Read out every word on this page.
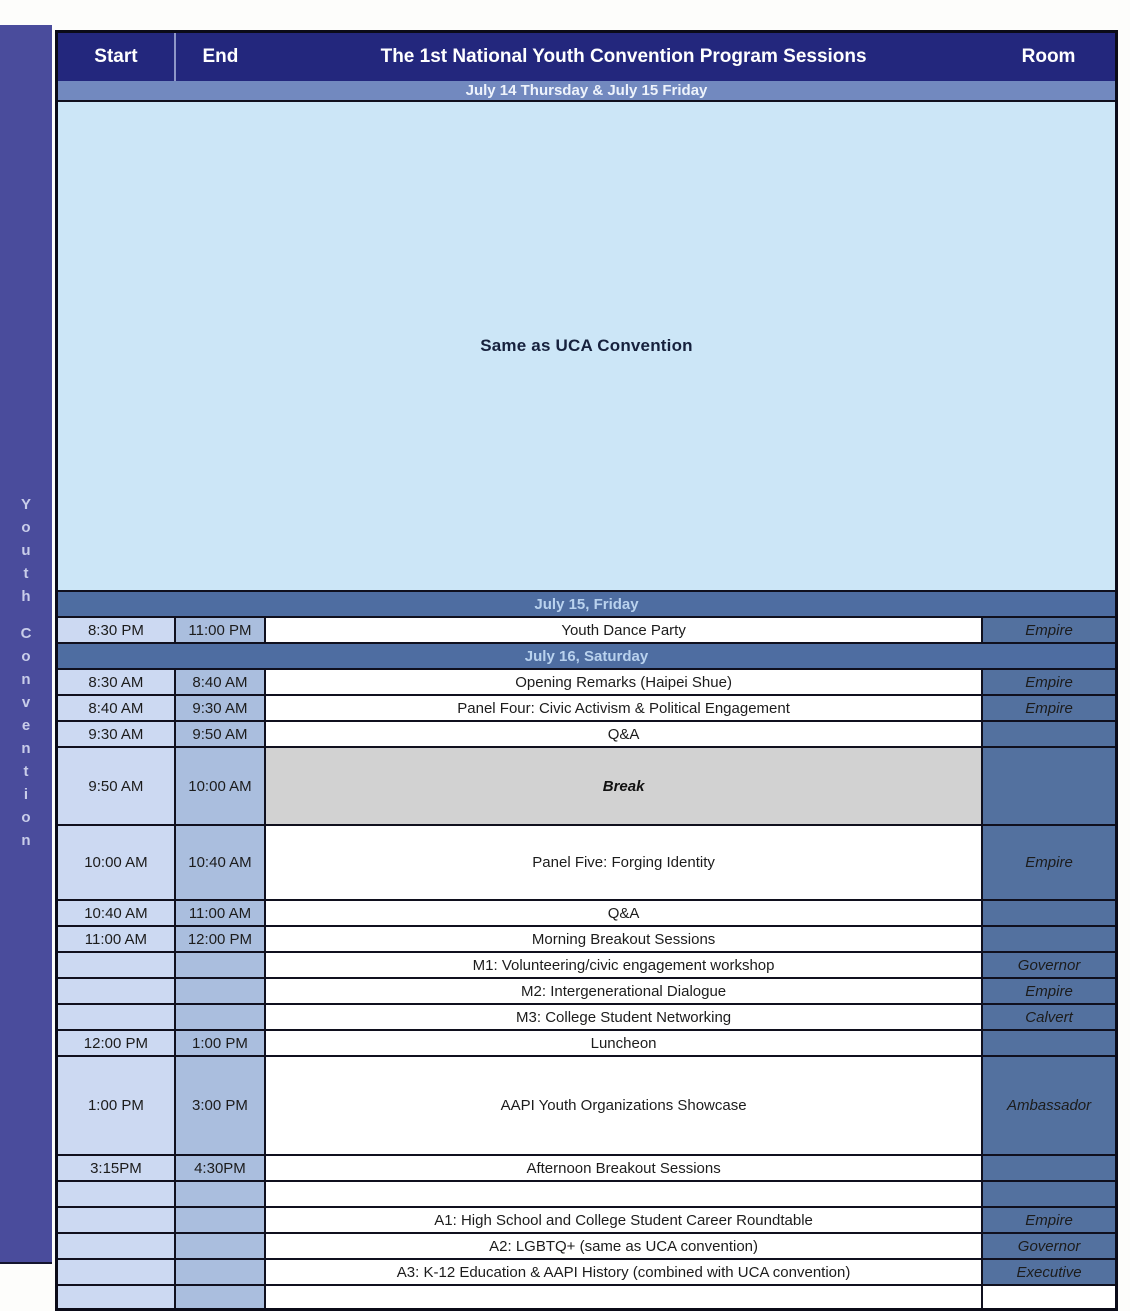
Y
o
u
t
h
C
o
n
v
e
n
t
i
o
n
Start	End	The 1st National Youth Convention Program Sessions	Room
July 14 Thursday & July 15 Friday			
Same as UCA Convention			
July 15, Friday			
8:30 PM	11:00 PM	Youth Dance Party	Empire
July 16, Saturday			
8:30 AM	8:40 AM	Opening Remarks (Haipei Shue)	Empire
8:40 AM	9:30 AM	Panel Four: Civic Activism & Political Engagement	Empire
9:30 AM	9:50 AM	Q&A	
9:50 AM	10:00 AM	Break	
10:00 AM	10:40 AM	Panel Five: Forging Identity	Empire
10:40 AM	11:00 AM	Q&A	
11:00 AM	12:00 PM	Morning Breakout Sessions	
		M1: Volunteering/civic engagement workshop	Governor
		M2: Intergenerational Dialogue	Empire
		M3: College Student Networking	Calvert
12:00 PM	1:00 PM	Luncheon	
1:00 PM	3:00 PM	AAPI Youth Organizations Showcase	Ambassador
3:15PM	4:30PM	Afternoon Breakout Sessions	

		A1: High School and College Student Career Roundtable	Empire
		A2: LGBTQ+ (same as UCA convention)	Governor
		A3: K-12 Education & AAPI History (combined with UCA convention)	Executive
